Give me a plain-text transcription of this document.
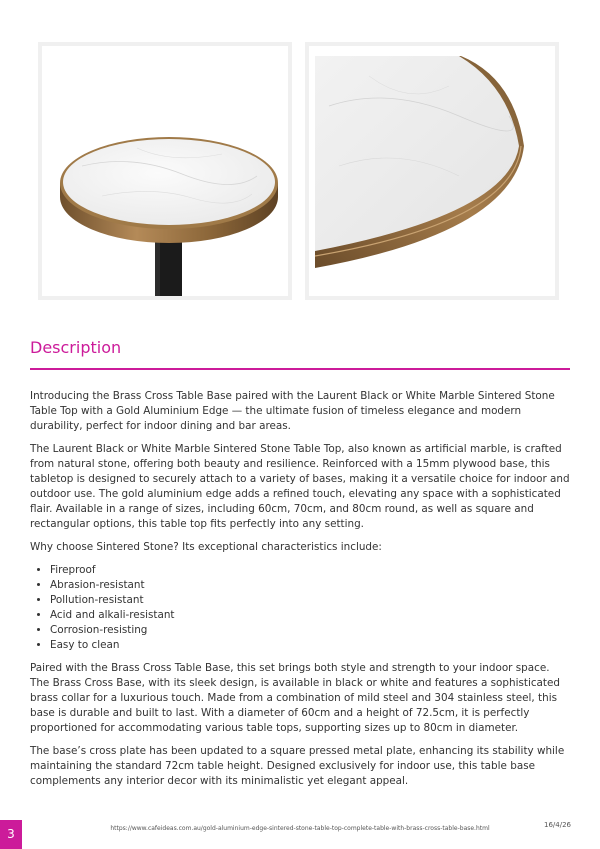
Description

Introducing the Brass Cross Table Base paired with the Laurent Black or White Marble Sintered Stone Table Top with a Gold Aluminium Edge — the ultimate fusion of timeless elegance and modern durability, perfect for indoor dining and bar areas.

The Laurent Black or White Marble Sintered Stone Table Top, also known as artificial marble, is crafted from natural stone, offering both beauty and resilience. Reinforced with a 15mm plywood base, this tabletop is designed to securely attach to a variety of bases, making it a versatile choice for indoor and outdoor use. The gold aluminium edge adds a refined touch, elevating any space with a sophisticated flair. Available in a range of sizes, including 60cm, 70cm, and 80cm round, as well as square and rectangular options, this table top fits perfectly into any setting.

Why choose Sintered Stone? Its exceptional characteristics include:

• Fireproof
• Abrasion-resistant
• Pollution-resistant
• Acid and alkali-resistant
• Corrosion-resisting
• Easy to clean

Paired with the Brass Cross Table Base, this set brings both style and strength to your indoor space. The Brass Cross Base, with its sleek design, is available in black or white and features a sophisticated brass collar for a luxurious touch. Made from a combination of mild steel and 304 stainless steel, this base is durable and built to last. With a diameter of 60cm and a height of 72.5cm, it is perfectly proportioned for accommodating various table tops, supporting sizes up to 80cm in diameter.

The base’s cross plate has been updated to a square pressed metal plate, enhancing its stability while maintaining the standard 72cm table height. Designed exclusively for indoor use, this table base complements any interior decor with its minimalistic yet elegant appeal.

3	https://www.cafeideas.com.au/gold-aluminium-edge-sintered-stone-table-top-complete-table-with-brass-cross-table-base.html	16/4/26
